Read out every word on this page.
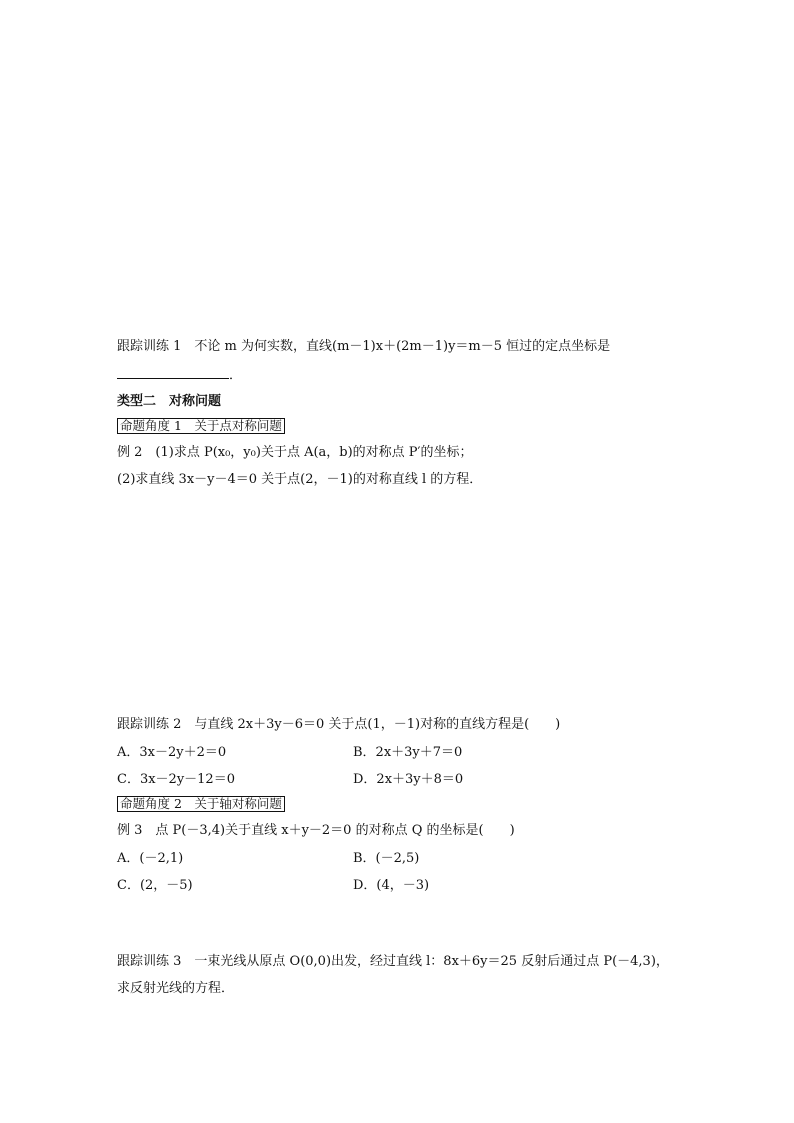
跟踪训练 1　不论 m 为何实数，直线(m－1)x＋(2m－1)y＝m－5 恒过的定点坐标是
．
类型二　对称问题
命题角度 1　关于点对称问题
例 2　(1)求点 P(x₀，y₀)关于点 A(a，b)的对称点 P′的坐标；
(2)求直线 3x－y－4＝0 关于点(2，－1)的对称直线 l 的方程．
跟踪训练 2　与直线 2x＋3y－6＝0 关于点(1，－1)对称的直线方程是(　　)
A．3x－2y＋2＝0	B．2x＋3y＋7＝0
C．3x－2y－12＝0	D．2x＋3y＋8＝0
命题角度 2　关于轴对称问题
例 3　点 P(－3,4)关于直线 x＋y－2＝0 的对称点 Q 的坐标是(　　)
A．(－2,1)	B．(－2,5)
C．(2，－5)	D．(4，－3)
跟踪训练 3　一束光线从原点 O(0,0)出发，经过直线 l：8x＋6y＝25 反射后通过点 P(－4,3)，
求反射光线的方程．
